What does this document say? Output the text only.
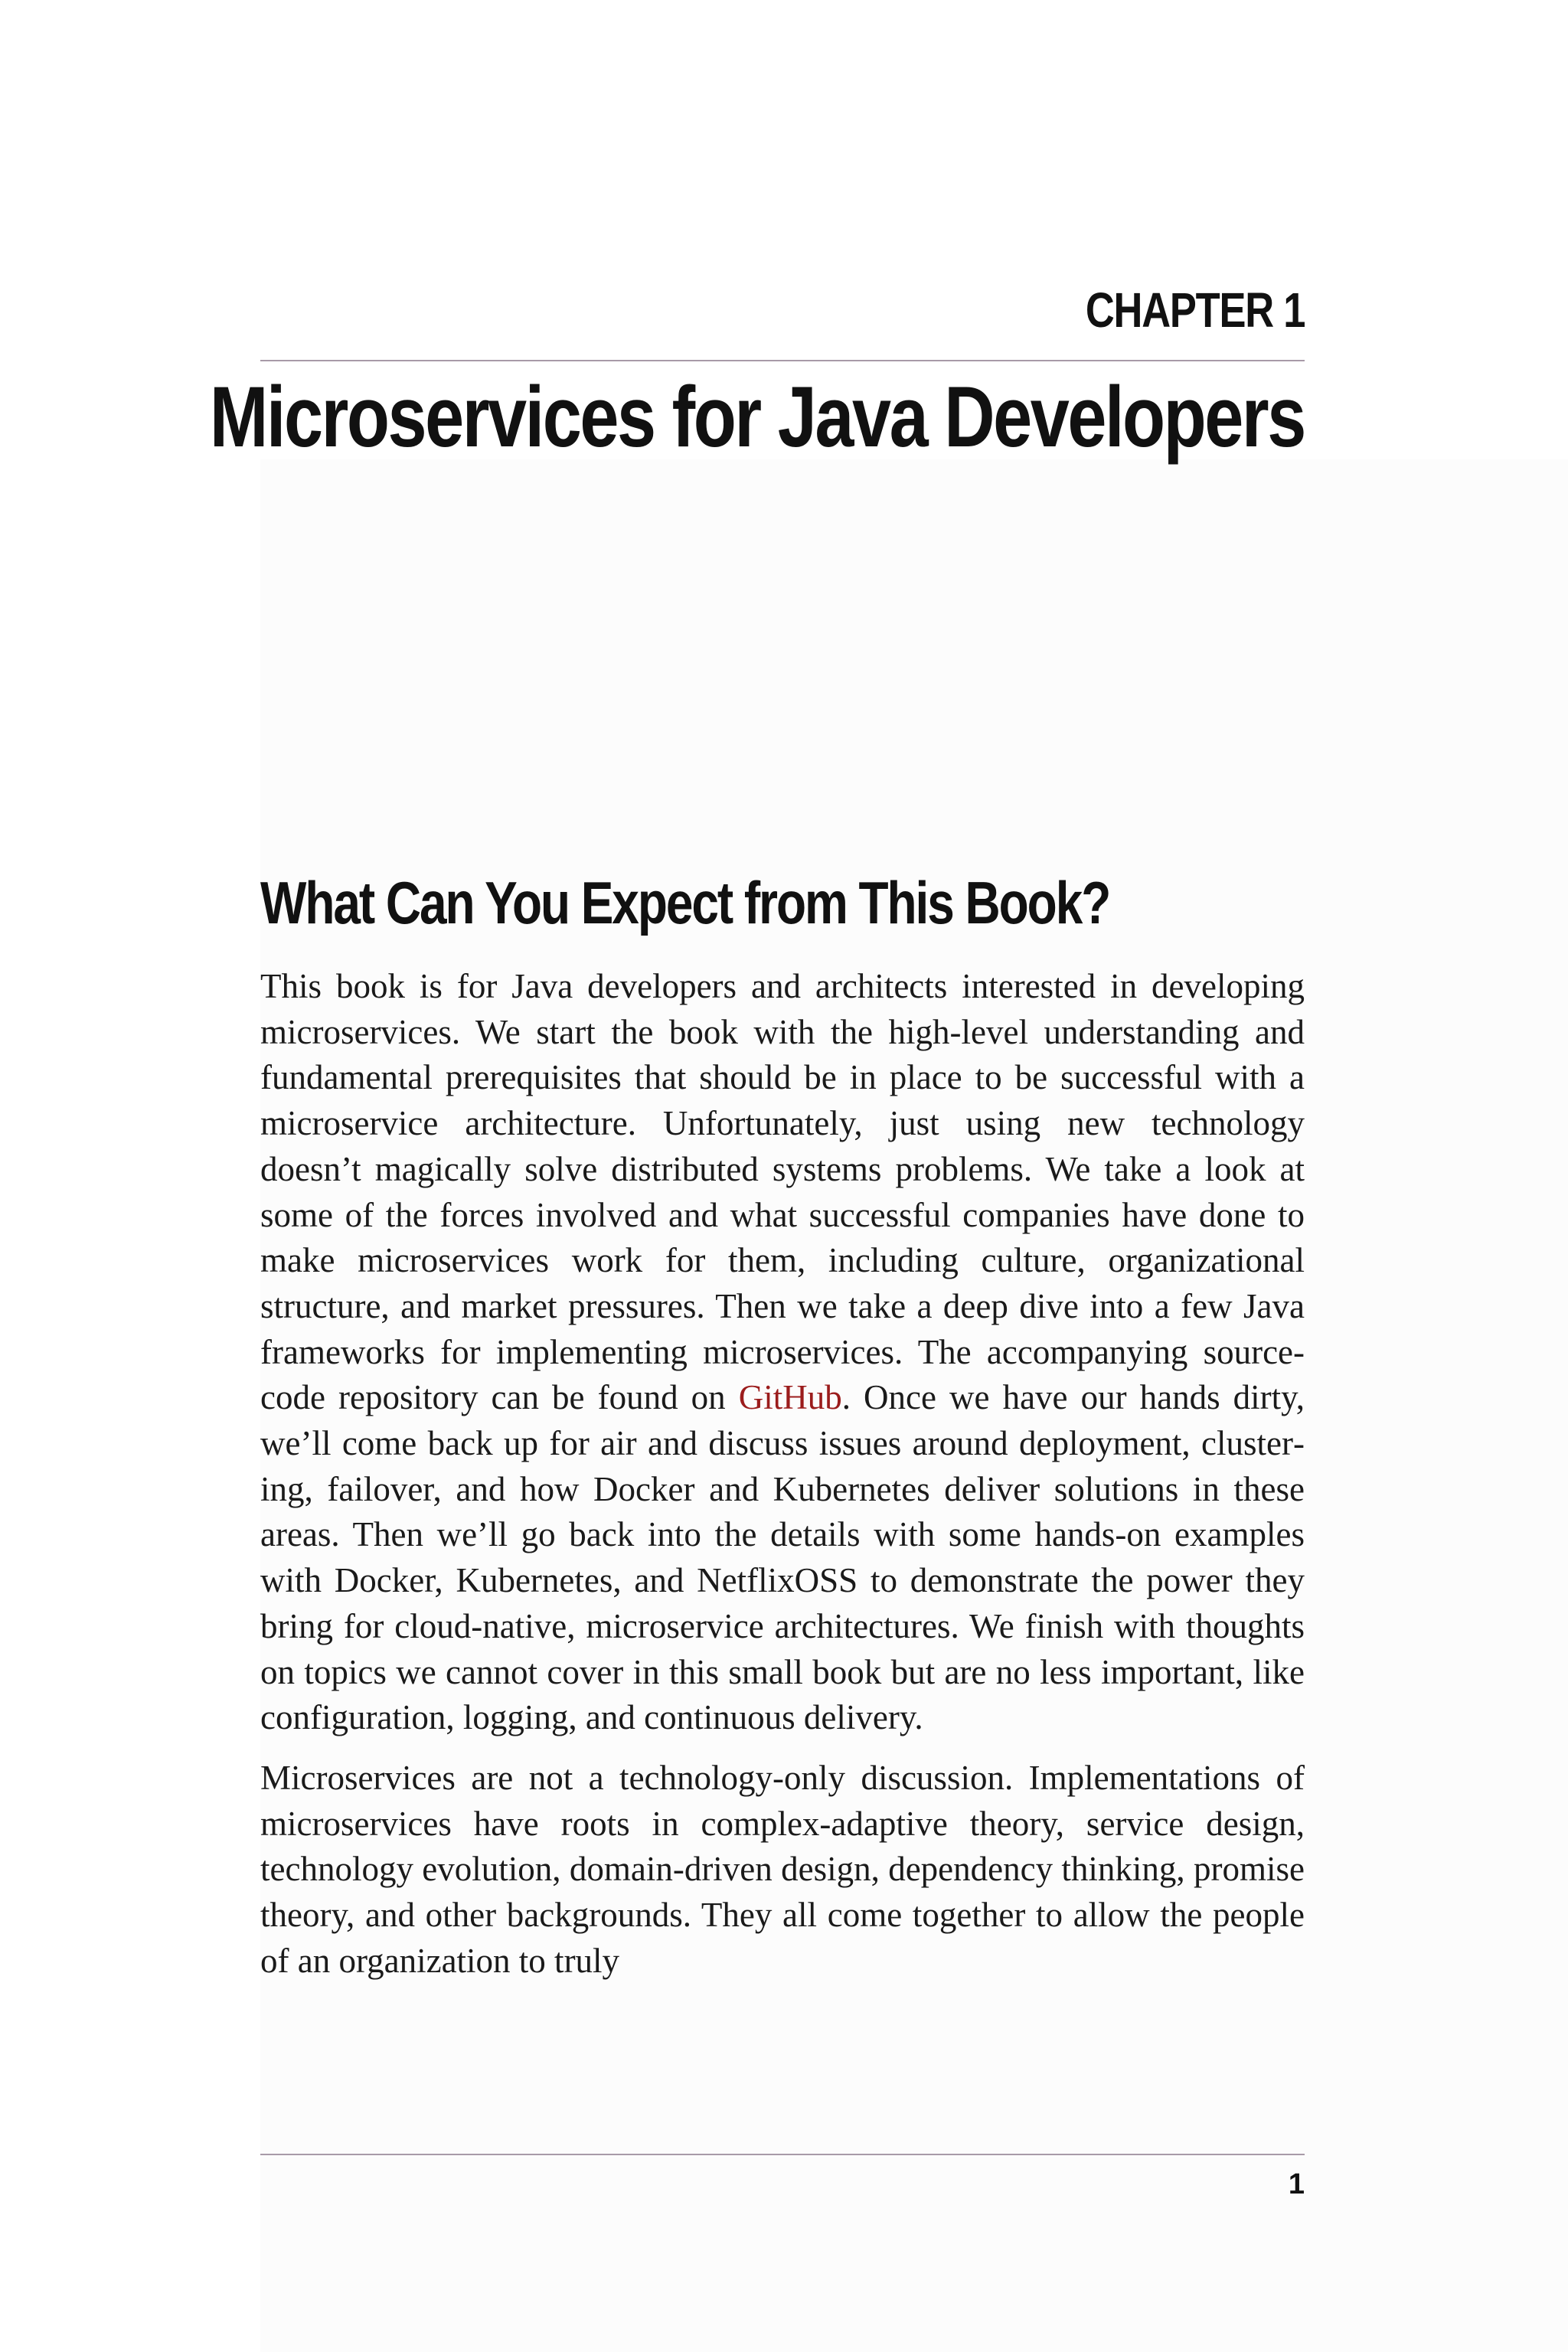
CHAPTER 1
Microservices for Java Developers
What Can You Expect from This Book?

This book is for Java developers and architects interested in developing microservices. We start the book with the high-level understanding and fundamental prerequisites that should be in place to be successful with a microservice architecture. Unfortunately, just using new technology doesn’t magically solve distributed systems problems. We take a look at some of the forces involved and what successful companies have done to make microservices work for them, including culture, organizational structure, and market pressures. Then we take a deep dive into a few Java frameworks for implementing microservices. The accompanying source-code repository can be found on GitHub. Once we have our hands dirty, we’ll come back up for air and discuss issues around deployment, clustering, failover, and how Docker and Kubernetes deliver solutions in these areas. Then we’ll go back into the details with some hands-on examples with Docker, Kubernetes, and NetflixOSS to demonstrate the power they bring for cloud-native, microservice architectures. We finish with thoughts on topics we cannot cover in this small book but are no less important, like configuration, logging, and continuous delivery.

Microservices are not a technology-only discussion. Implementations of microservices have roots in complex-adaptive theory, service design, technology evolution, domain-driven design, dependency thinking, promise theory, and other backgrounds. They all come together to allow the people of an organization to truly

1
